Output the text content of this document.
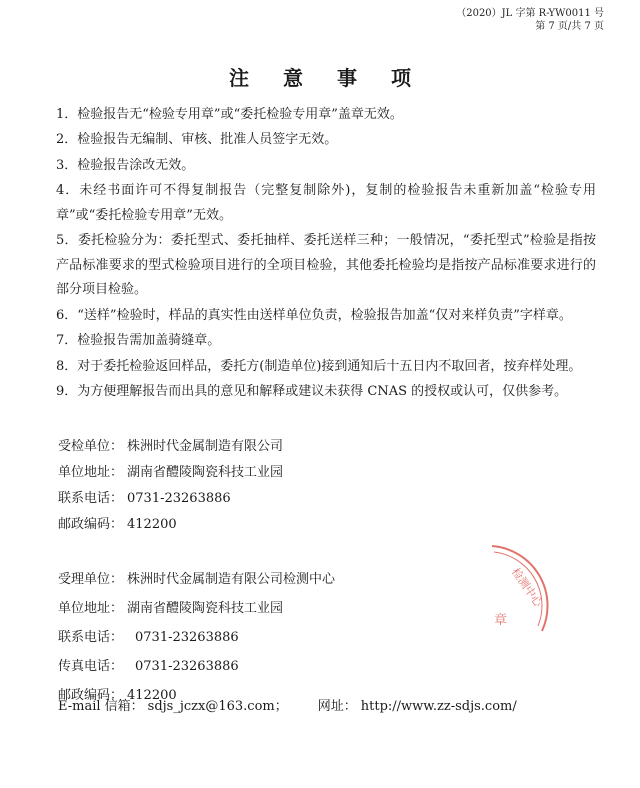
（2020）JL 字第 R-YW0011 号
第 7 页/共 7 页
注意事项
1．检验报告无“检验专用章”或“委托检验专用章”盖章无效。
2．检验报告无编制、审核、批准人员签字无效。
3．检验报告涂改无效。
4．未经书面许可不得复制报告（完整复制除外)，复制的检验报告未重新加盖“检验专用章”或“委托检验专用章”无效。
5．委托检验分为：委托型式、委托抽样、委托送样三种；一般情况，“委托型式”检验是指按产品标准要求的型式检验项目进行的全项目检验，其他委托检验均是指按产品标准要求进行的部分项目检验。
6．“送样”检验时，样品的真实性由送样单位负责，检验报告加盖“仅对来样负责”字样章。
7．检验报告需加盖骑缝章。
8．对于委托检验返回样品，委托方(制造单位)接到通知后十五日内不取回者，按弃样处理。
9．为方便理解报告而出具的意见和解释或建议未获得 CNAS 的授权或认可，仅供参考。
受检单位： 株洲时代金属制造有限公司
单位地址： 湖南省醴陵陶瓷科技工业园
联系电话： 0731-23263886
邮政编码： 412200
受理单位： 株洲时代金属制造有限公司检测中心
单位地址： 湖南省醴陵陶瓷科技工业园
联系电话： 0731-23263886
传真电话： 0731-23263886
邮政编码： 412200
E-mail 信箱： sdjs_jczx@163.com； 网址： http://www.zz-sdjs.com/
检测中心
章
